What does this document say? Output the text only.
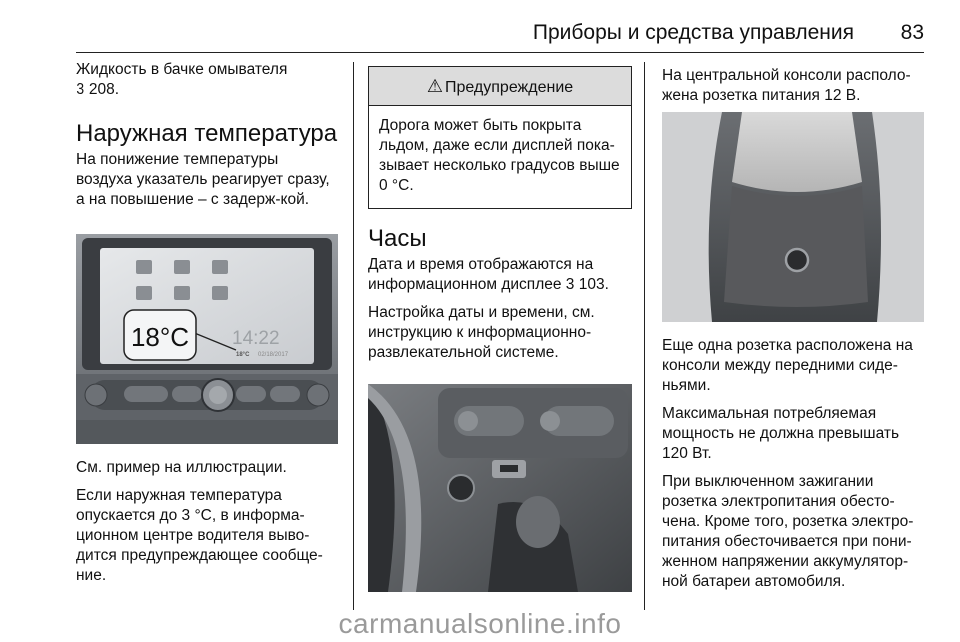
Приборы и средства управления 83

Жидкость в бачке омывателя
3 208.

Наружная температура

На понижение температуры воздуха указатель реагирует сразу, а на повышение – с задерж-кой.

14:22
18°C 02/18/2017
18°C

См. пример на иллюстрации.

Если наружная температура опускается до 3 °C, в информа-ционном центре водителя выво-дится предупреждающее сообще-ние.

⚠ Предупреждение

Дорога может быть покрыта льдом, даже если дисплей пока-зывает несколько градусов выше 0 °C.

Часы

Дата и время отображаются на информационном дисплее 3 103.

Настройка даты и времени, см. инструкцию к информационно-развлекательной системе.

На центральной консоли располо-жена розетка питания 12 В.

Еще одна розетка расположена на консоли между передними сиде-ньями.

Максимальная потребляемая мощность не должна превышать 120 Вт.

При выключенном зажигании розетка электропитания обесто-чена. Кроме того, розетка электро-питания обесточивается при пони-женном напряжении аккумулятор-ной батареи автомобиля.

carmanualsonline.info
